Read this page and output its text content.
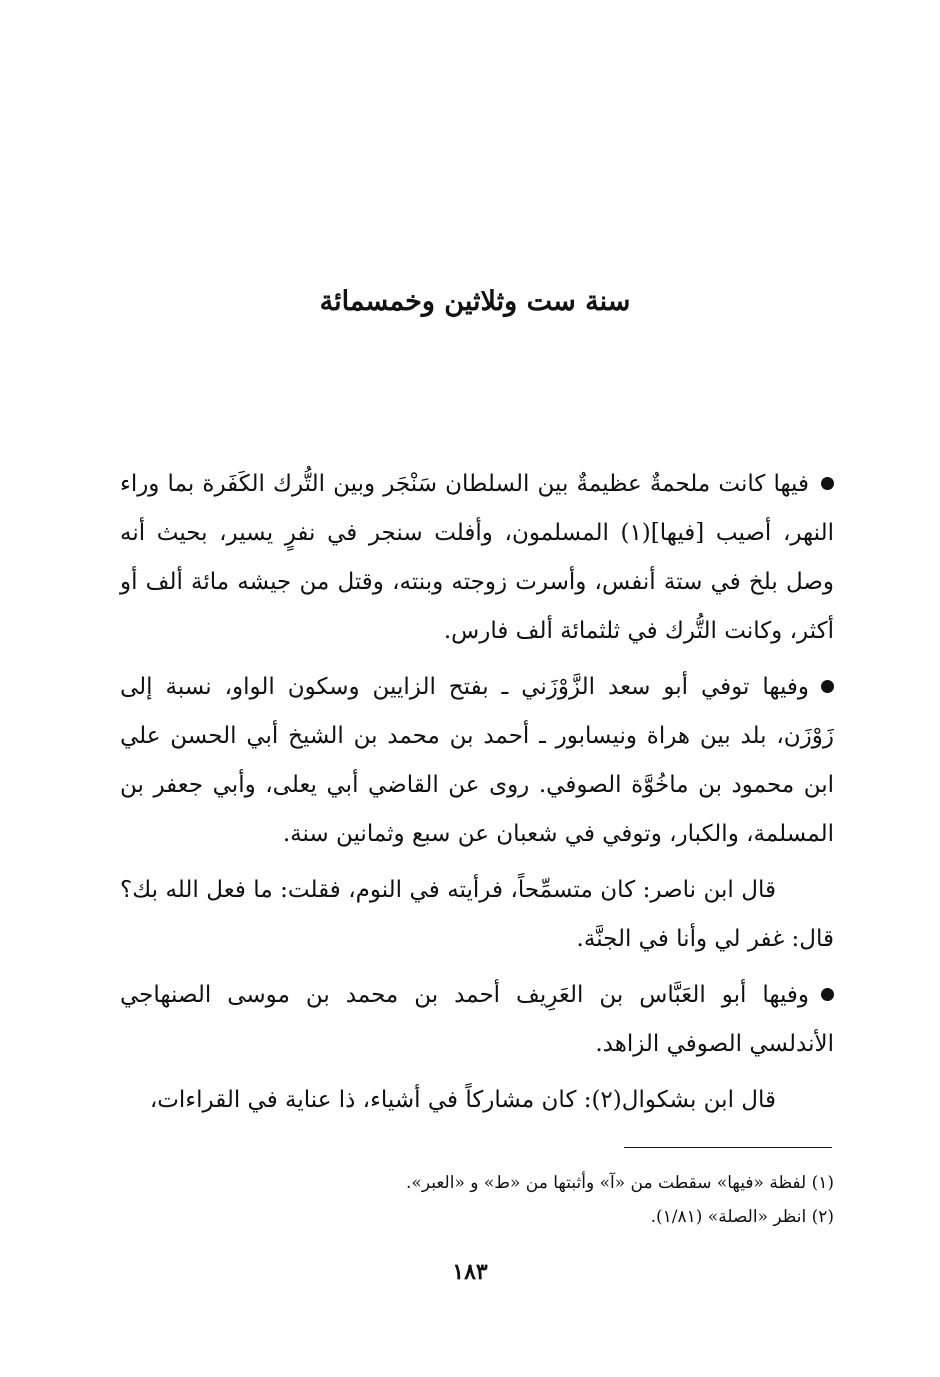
سنة ست وثلاثين وخمسمائة

فيها كانت ملحمةٌ عظيمةٌ بين السلطان سَنْجَر وبين التُّرك الكَفَرة بما وراء النهر، أصيب [فيها](١) المسلمون، وأفلت سنجر في نفرٍ يسير، بحيث أنه وصل بلخ في ستة أنفس، وأسرت زوجته وبنته، وقتل من جيشه مائة ألف أو أكثر، وكانت التُّرك في ثلثمائة ألف فارس.

وفيها توفي أبو سعد الزَّوْزَني ـ بفتح الزايين وسكون الواو، نسبة إلى زَوْزَن، بلد بين هراة ونيسابور ـ أحمد بن محمد بن الشيخ أبي الحسن علي ابن محمود بن ماخُوَّة الصوفي. روى عن القاضي أبي يعلى، وأبي جعفر بن المسلمة، والكبار، وتوفي في شعبان عن سبع وثمانين سنة.

قال ابن ناصر: كان متسمِّحاً، فرأيته في النوم، فقلت: ما فعل الله بك؟ قال: غفر لي وأنا في الجنَّة.

وفيها أبو العَبَّاس بن العَرِيف أحمد بن محمد بن موسى الصنهاجي الأندلسي الصوفي الزاهد.

قال ابن بشكوال(٢): كان مشاركاً في أشياء، ذا عناية في القراءات،

(١) لفظة «فيها» سقطت من «آ» وأثبتها من «ط» و «العبر».

(٢) انظر «الصلة» (١/٨١).

١٨٣
